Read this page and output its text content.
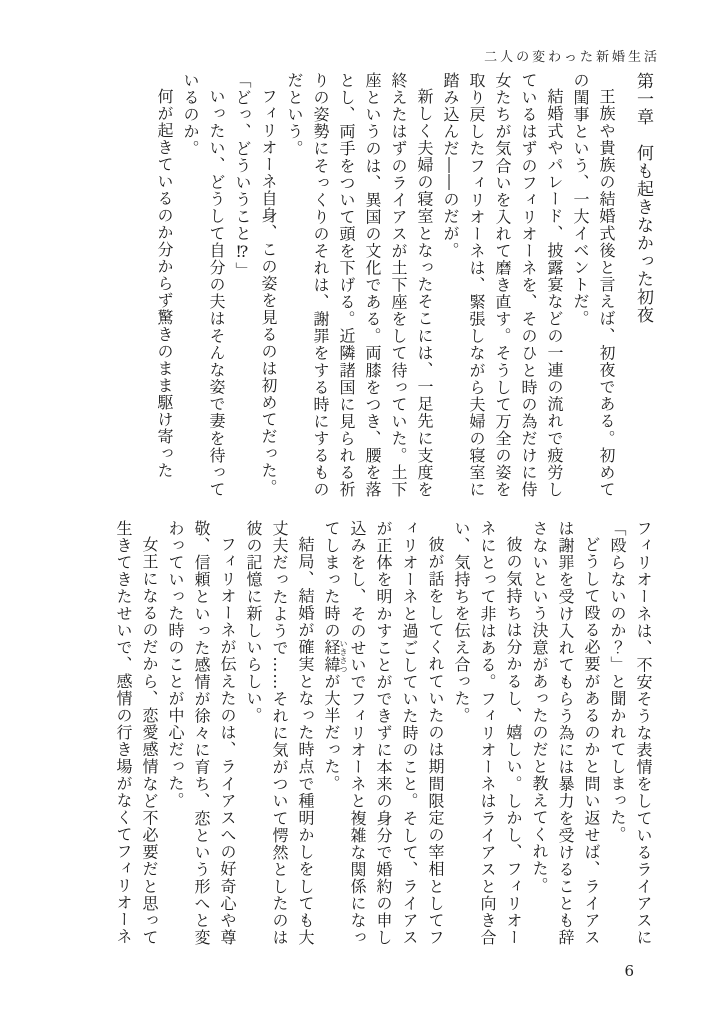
二人の変わった新婚生活
第一章　何も起きなかった初夜

王族や貴族の結婚式後と言えば、初夜である。初めての閨事という、一大イベントだ。

結婚式やパレード、披露宴などの一連の流れで疲労しているはずのフィリオーネを、そのひと時の為だけに侍女たちが気合いを入れて磨き直す。そうして万全の姿を取り戻したフィリオーネは、緊張しながら夫婦の寝室に踏み込んだ――のだが。

新しく夫婦の寝室となったそこには、一足先に支度を終えたはずのライアスが土下座をして待っていた。土下座というのは、異国の文化である。両膝をつき、腰を落とし、両手をついて頭を下げる。近隣諸国に見られる祈りの姿勢にそっくりのそれは、謝罪をする時にするものだという。

フィリオーネ自身、この姿を見るのは初めてだった。

「どっ、どういうこと⁉」

いったい、どうして自分の夫はそんな姿で妻を待っているのか。

何が起きているのか分からず驚きのまま駆け寄った

フィリオーネは、不安そうな表情をしているライアスに「殴らないのか？」と聞かれてしまった。

どうして殴る必要があるのかと問い返せば、ライアスは謝罪を受け入れてもらう為には暴力を受けることも辞さないという決意があったのだと教えてくれた。

彼の気持ちは分かるし、嬉しい。しかし、フィリオーネにとって非はある。フィリオーネはライアスと向き合い、気持ちを伝え合った。

彼が話をしてくれていたのは期間限定の宰相としてフィリオーネと過ごしていた時のこと。そして、ライアスが正体を明かすことができずに本来の身分で婚約の申し込みをし、そのせいでフィリオーネと複雑な関係になってしまった時の経緯いきさつが大半だった。

結局、結婚が確実となった時点で種明かしをしても大丈夫だったようで……それに気がついて愕然としたのは彼の記憶に新しいらしい。

フィリオーネが伝えたのは、ライアスへの好奇心や尊敬、信頼といった感情が徐々に育ち、恋という形へと変わっていった時のことが中心だった。

女王になるのだから、恋愛感情など不必要だと思って生きてきたせいで、感情の行き場がなくてフィリオーネ

6
